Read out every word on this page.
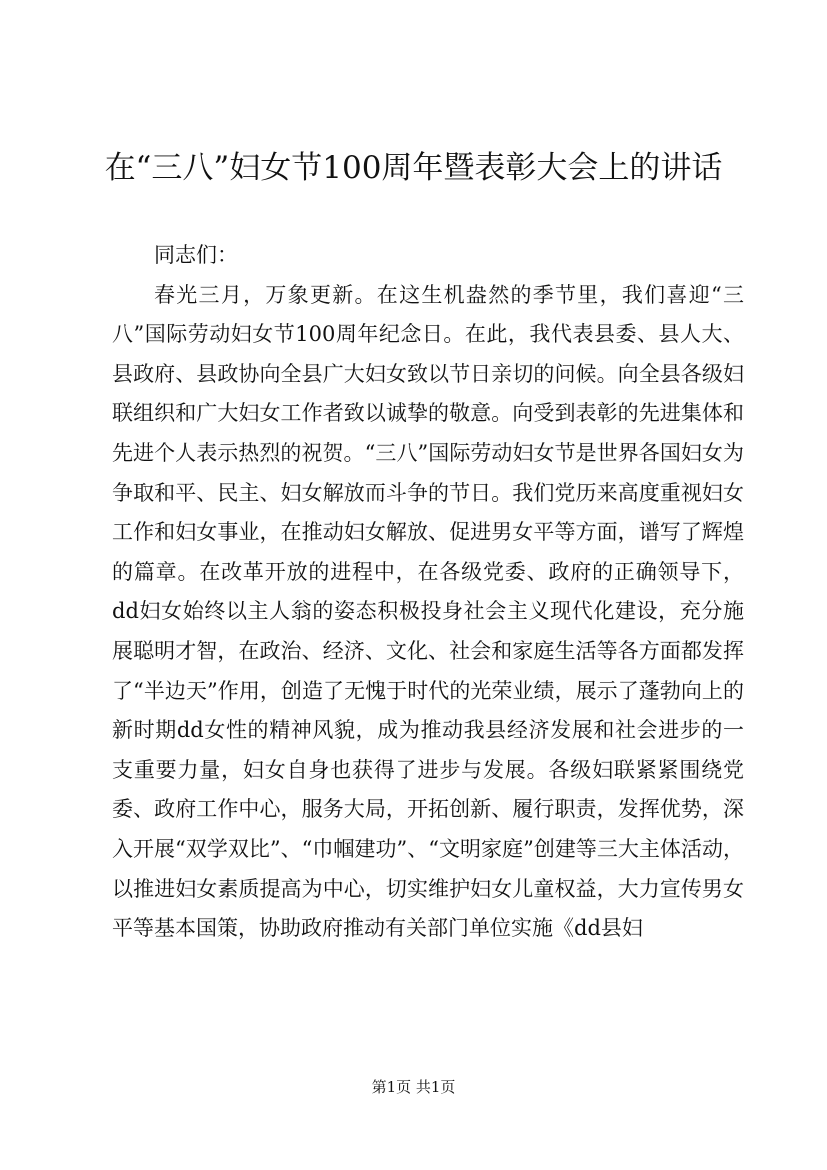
在“三八”妇女节100周年暨表彰大会上的讲话

同志们：

春光三月，万象更新。在这生机盎然的季节里，我们喜迎“三八”国际劳动妇女节100周年纪念日。在此，我代表县委、县人大、县政府、县政协向全县广大妇女致以节日亲切的问候。向全县各级妇联组织和广大妇女工作者致以诚挚的敬意。向受到表彰的先进集体和先进个人表示热烈的祝贺。“三八”国际劳动妇女节是世界各国妇女为争取和平、民主、妇女解放而斗争的节日。我们党历来高度重视妇女工作和妇女事业，在推动妇女解放、促进男女平等方面，谱写了辉煌的篇章。在改革开放的进程中，在各级党委、政府的正确领导下，dd妇女始终以主人翁的姿态积极投身社会主义现代化建设，充分施展聪明才智，在政治、经济、文化、社会和家庭生活等各方面都发挥了“半边天”作用，创造了无愧于时代的光荣业绩，展示了蓬勃向上的新时期dd女性的精神风貌，成为推动我县经济发展和社会进步的一支重要力量，妇女自身也获得了进步与发展。各级妇联紧紧围绕党委、政府工作中心，服务大局，开拓创新、履行职责，发挥优势，深入开展“双学双比”、“巾帼建功”、“文明家庭”创建等三大主体活动，以推进妇女素质提高为中心，切实维护妇女儿童权益，大力宣传男女平等基本国策，协助政府推动有关部门单位实施《dd县妇

第1页 共1页
